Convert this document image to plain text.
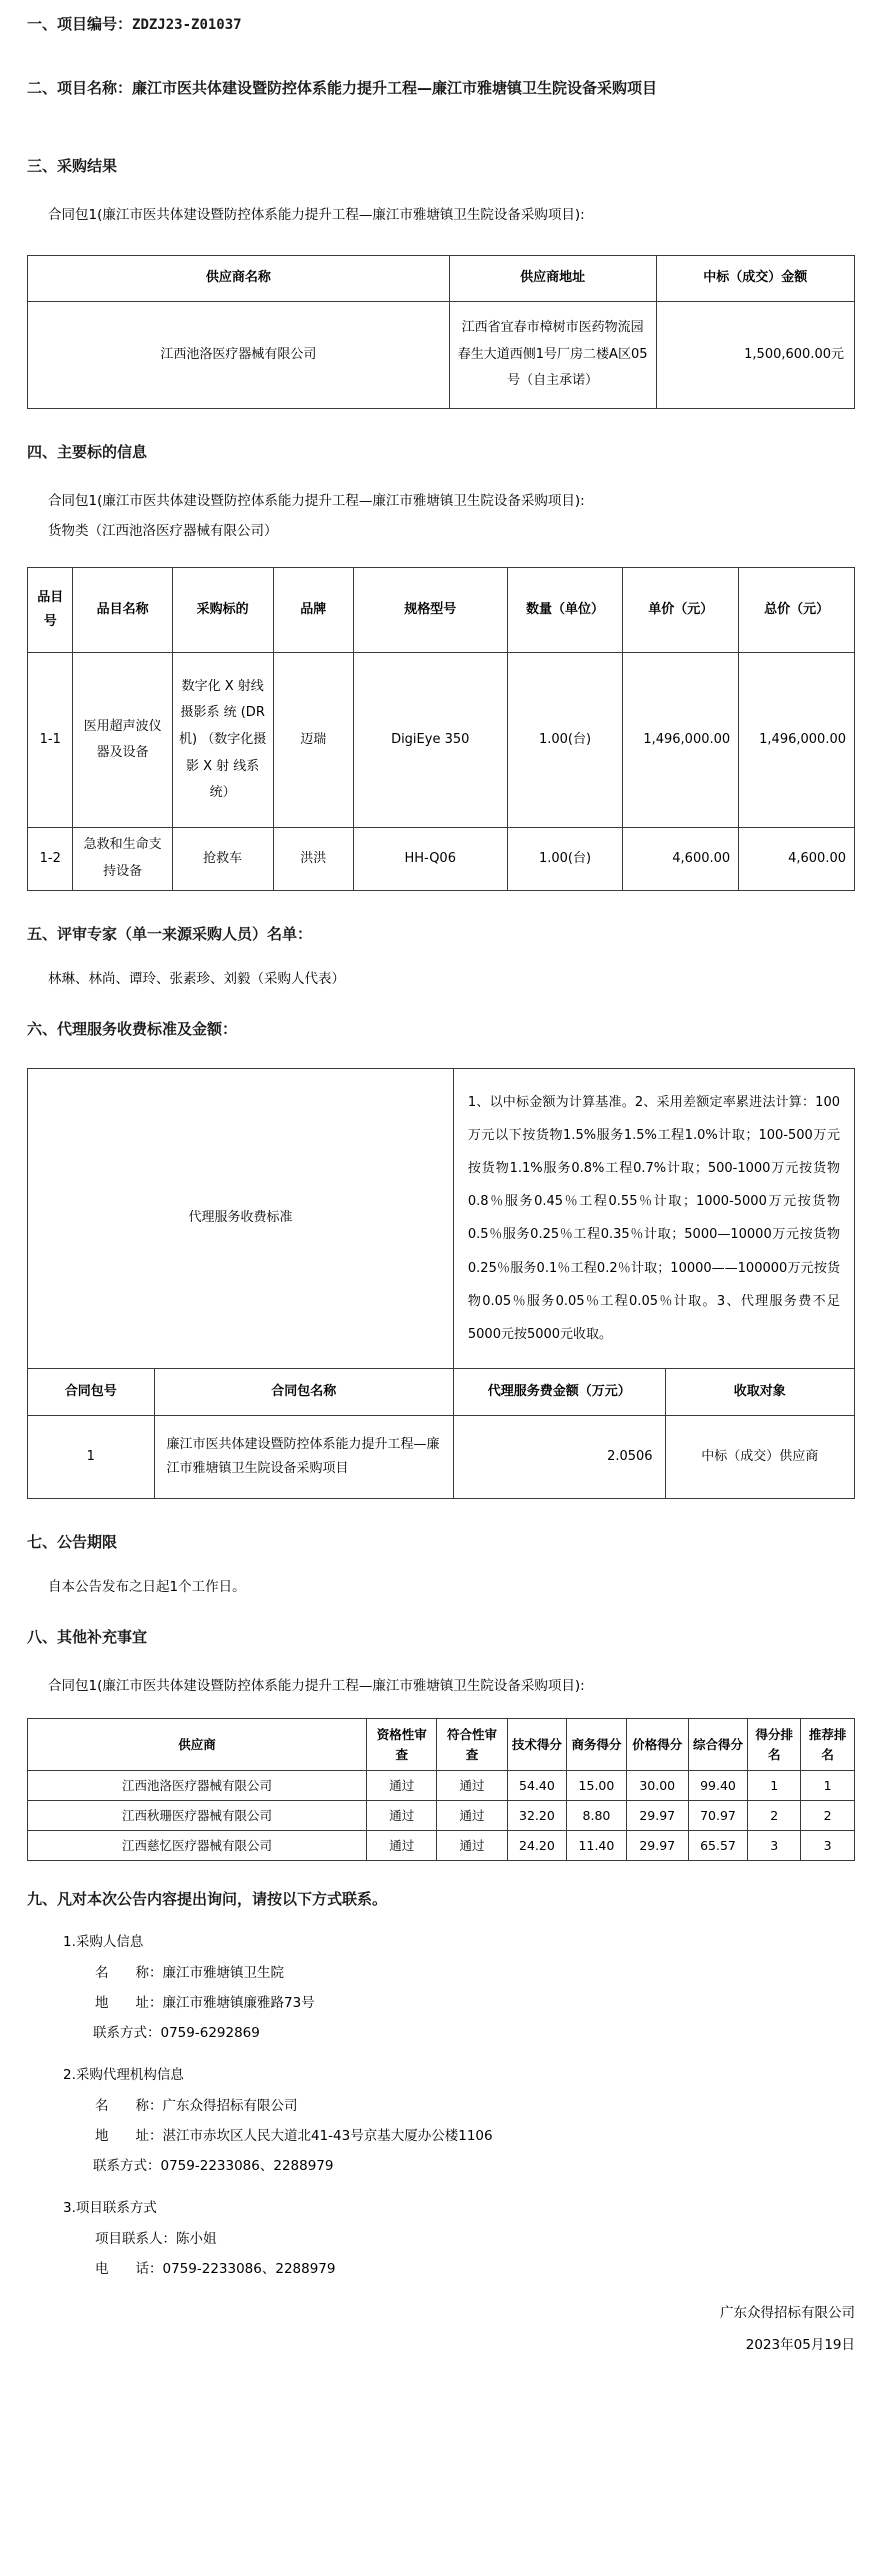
一、项目编号：ZDZJ23-Z01037
二、项目名称：廉江市医共体建设暨防控体系能力提升工程—廉江市雅塘镇卫生院设备采购项目
三、采购结果
合同包1(廉江市医共体建设暨防控体系能力提升工程—廉江市雅塘镇卫生院设备采购项目):
供应商名称	供应商地址	中标（成交）金额
江西池洛医疗器械有限公司	江西省宜春市樟树市医药物流园春生大道西侧1号厂房二楼A区05号（自主承诺）	1,500,600.00元
四、主要标的信息
合同包1(廉江市医共体建设暨防控体系能力提升工程—廉江市雅塘镇卫生院设备采购项目):
货物类（江西池洛医疗器械有限公司）
品目号	品目名称	采购标的	品牌	规格型号	数量（单位）	单价（元）	总价（元）
1-1	医用超声波仪器及设备	数字化 X 射线 摄影系 统 (DR机) （数字化摄 影 X 射 线系统）	迈瑞	DigiEye 350	1.00(台)	1,496,000.00	1,496,000.00
1-2	急救和生命支持设备	抢救车	洪洪	HH-Q06	1.00(台)	4,600.00	4,600.00
五、评审专家（单一来源采购人员）名单：
林琳、林尚、谭玲、张素珍、刘毅（采购人代表）
六、代理服务收费标准及金额：
代理服务收费标准		1、以中标金额为计算基准。2、采用差额定率累进法计算：100万元以下按货物1.5%服务1.5%工程1.0%计取；100-500万元按货物1.1%服务0.8%工程0.7%计取；500-1000万元按货物0.8％服务0.45％工程0.55％计取；1000-5000万元按货物0.5％服务0.25％工程0.35％计取；5000—10000万元按货物0.25％服务0.1％工程0.2％计取；10000——100000万元按货物0.05％服务0.05％工程0.05％计取。3、代理服务费不足5000元按5000元收取。	
合同包号	合同包名称	代理服务费金额（万元）	收取对象
1	廉江市医共体建设暨防控体系能力提升工程—廉江市雅塘镇卫生院设备采购项目	2.0506	中标（成交）供应商
七、公告期限
自本公告发布之日起1个工作日。
八、其他补充事宜
合同包1(廉江市医共体建设暨防控体系能力提升工程—廉江市雅塘镇卫生院设备采购项目):
供应商	资格性审查	符合性审查	技术得分	商务得分	价格得分	综合得分	得分排名	推荐排名
江西池洛医疗器械有限公司	通过	通过	54.40	15.00	30.00	99.40	1	1
江西秋珊医疗器械有限公司	通过	通过	32.20	8.80	29.97	70.97	2	2
江西慈忆医疗器械有限公司	通过	通过	24.20	11.40	29.97	65.57	3	3
九、凡对本次公告内容提出询问，请按以下方式联系。
1.采购人信息
名　　称：廉江市雅塘镇卫生院
地　　址：廉江市雅塘镇廉雅路73号
联系方式：0759-6292869
2.采购代理机构信息
名　　称：广东众得招标有限公司
地　　址：湛江市赤坎区人民大道北41-43号京基大厦办公楼1106
联系方式：0759-2233086、2288979
3.项目联系方式
项目联系人：陈小姐
电　　话：0759-2233086、2288979
广东众得招标有限公司
2023年05月19日
